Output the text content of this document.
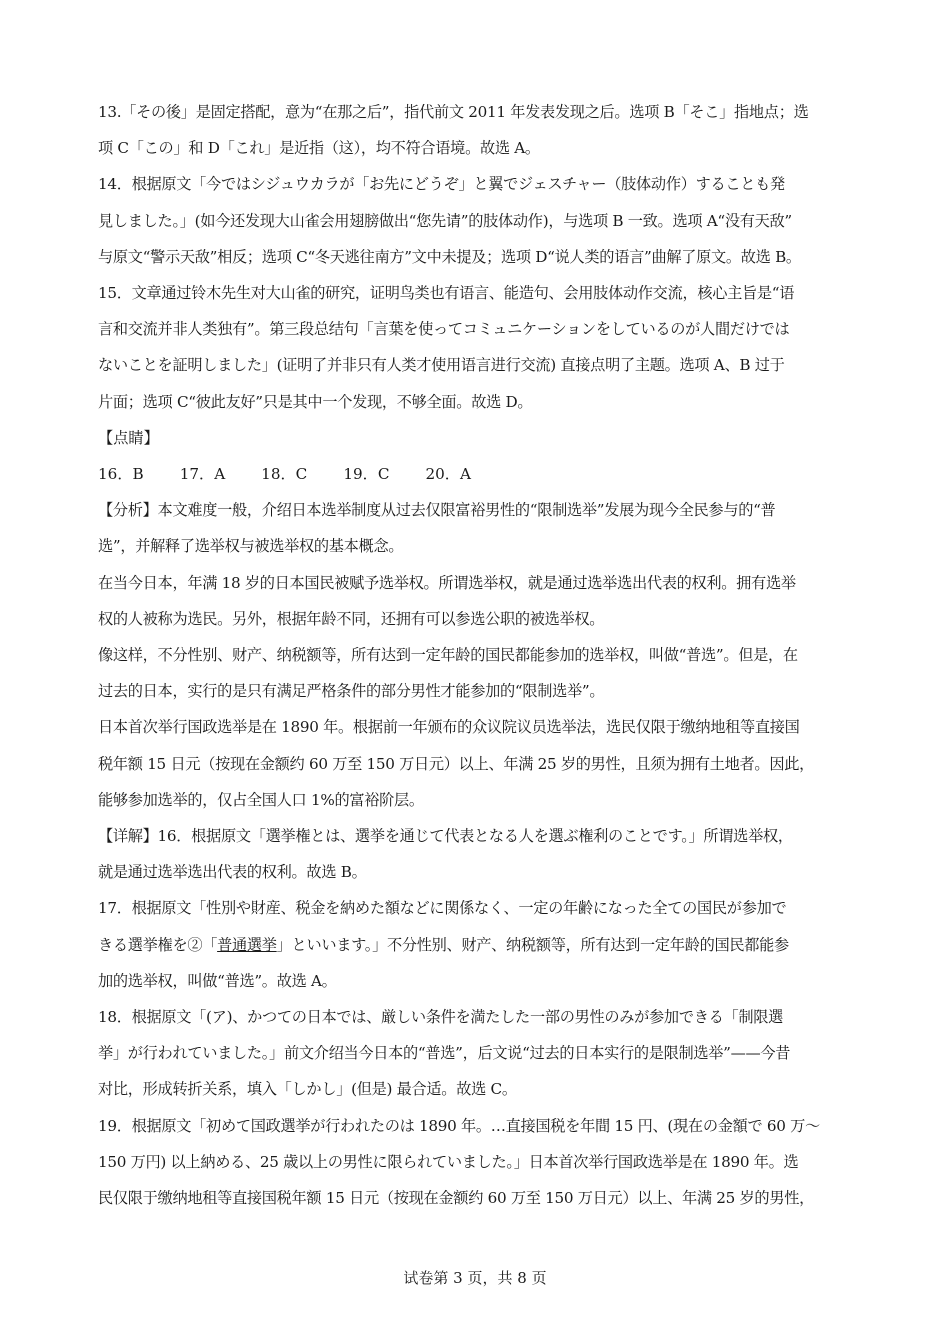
13.「その後」是固定搭配，意为“在那之后”，指代前文 2011 年发表发现之后。选项 B「そこ」指地点；选
项 C「この」和 D「これ」是近指（这），均不符合语境。故选 A。
14．根据原文「今ではシジュウカラが「お先にどうぞ」と翼でジェスチャー（肢体动作）することも発
見しました。」(如今还发现大山雀会用翅膀做出“您先请”的肢体动作)，与选项 B 一致。选项 A“没有天敌”
与原文“警示天敌”相反；选项 C“冬天逃往南方”文中未提及；选项 D“说人类的语言”曲解了原文。故选 B。
15．文章通过铃木先生对大山雀的研究，证明鸟类也有语言、能造句、会用肢体动作交流，核心主旨是“语
言和交流并非人类独有”。第三段总结句「言葉を使ってコミュニケーションをしているのが人間だけでは
ないことを証明しました」(证明了并非只有人类才使用语言进行交流) 直接点明了主题。选项 A、B 过于
片面；选项 C“彼此友好”只是其中一个发现，不够全面。故选 D。
【点睛】
16．B 17．A 18．C 19．C 20．A
【分析】本文难度一般，介绍日本选举制度从过去仅限富裕男性的“限制选举”发展为现今全民参与的“普
选”，并解释了选举权与被选举权的基本概念。
在当今日本，年满 18 岁的日本国民被赋予选举权。所谓选举权，就是通过选举选出代表的权利。拥有选举
权的人被称为选民。另外，根据年龄不同，还拥有可以参选公职的被选举权。
像这样，不分性别、财产、纳税额等，所有达到一定年龄的国民都能参加的选举权，叫做“普选”。但是，在
过去的日本，实行的是只有满足严格条件的部分男性才能参加的“限制选举”。
日本首次举行国政选举是在 1890 年。根据前一年颁布的众议院议员选举法，选民仅限于缴纳地租等直接国
税年额 15 日元（按现在金额约 60 万至 150 万日元）以上、年满 25 岁的男性，且须为拥有土地者。因此，
能够参加选举的，仅占全国人口 1%的富裕阶层。
【详解】16．根据原文「選挙権とは、選挙を通じて代表となる人を選ぶ権利のことです。」所谓选举权，
就是通过选举选出代表的权利。故选 B。
17．根据原文「性別や財産、税金を納めた額などに関係なく、一定の年齢になった全ての国民が参加で
きる選挙権を②「普通選挙」といいます。」不分性别、财产、纳税额等，所有达到一定年龄的国民都能参
加的选举权，叫做“普选”。故选 A。
18．根据原文「(ア)、かつての日本では、厳しい条件を満たした一部の男性のみが参加できる「制限選
挙」が行われていました。」前文介绍当今日本的“普选”，后文说“过去的日本实行的是限制选举”——今昔
对比，形成转折关系，填入「しかし」(但是) 最合适。故选 C。
19．根据原文「初めて国政選挙が行われたのは 1890 年。…直接国税を年間 15 円、(現在の金額で 60 万～
150 万円) 以上納める、25 歳以上の男性に限られていました。」日本首次举行国政选举是在 1890 年。选
民仅限于缴纳地租等直接国税年额 15 日元（按现在金额约 60 万至 150 万日元）以上、年满 25 岁的男性，
试卷第 3 页，共 8 页
